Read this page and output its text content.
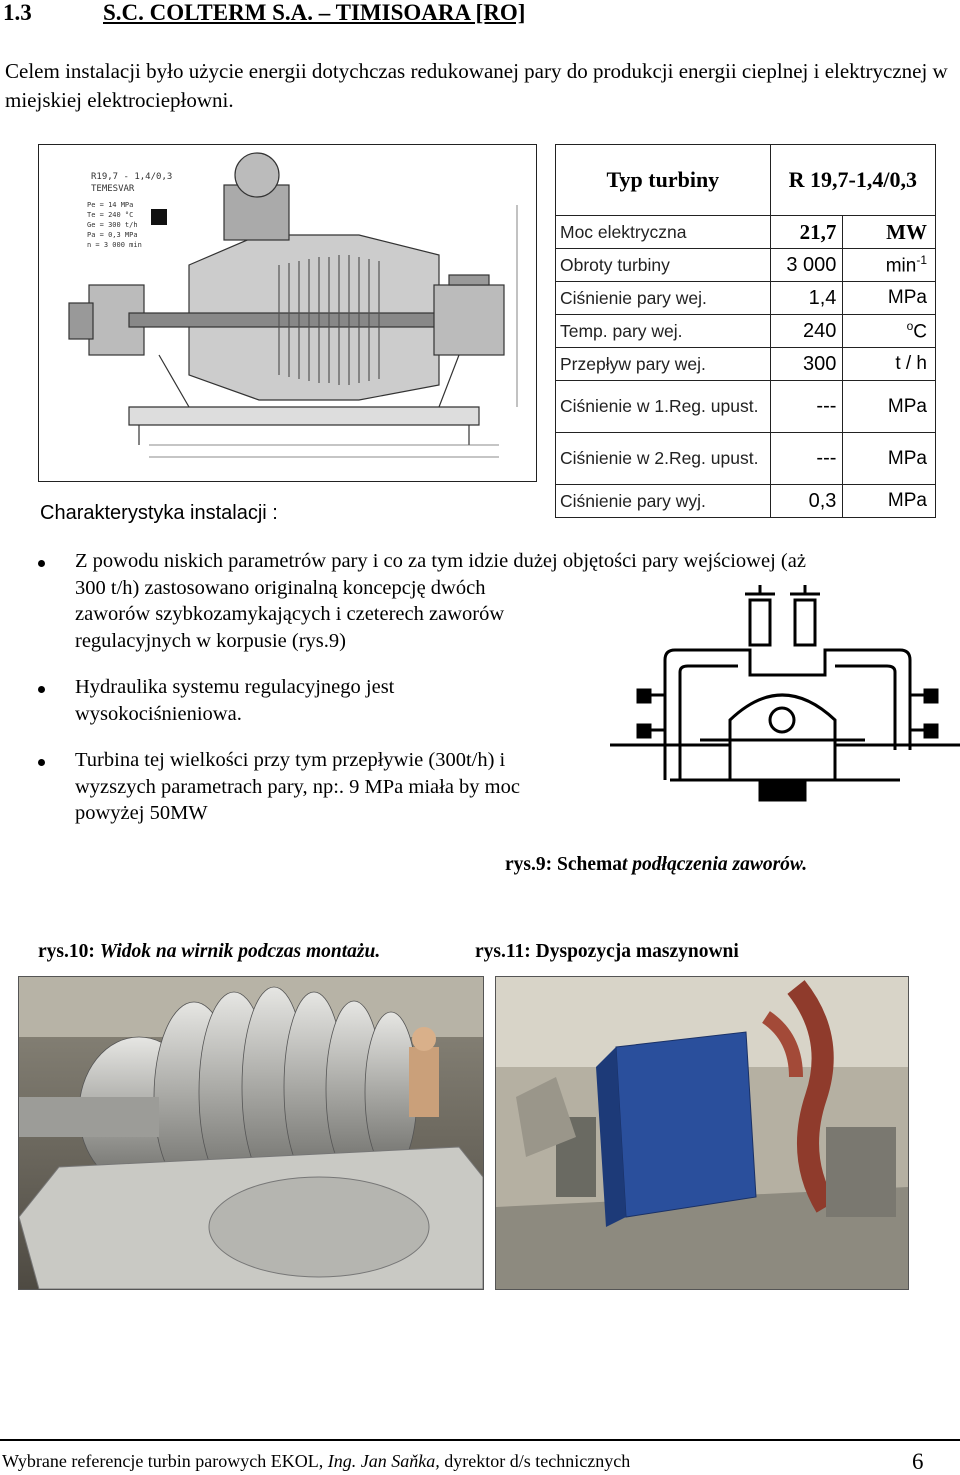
1.3	S.C. COLTERM S.A. – TIMISOARA [RO]
Celem instalacji było użycie energii dotychczas redukowanej pary do produkcji energii cieplnej i elektrycznej w miejskiej elektrociepłowni.
R19,7 - 1,4/0,3
TEMESVAR
Pe = 14 MPa
Te = 240 °C
Ge = 300 t/h
Pa = 0,3 MPa
n = 3 000 min
Charakterystyka instalacji :
Typ turbiny	R 19,7-1,4/0,3	
Moc elektryczna	21,7	MW
Obroty turbiny	3 000	$\min^{-1}$
Ciśnienie pary wej.	1,4	MPa
Temp. pary wej.	240	$^o$C
Przepływ pary wej.	300	t / h
Ciśnienie w 1.Reg. upust.	---	MPa
Ciśnienie w 2.Reg. upust.	---	MPa
Ciśnienie pary wyj.	0,3	MPa
Z powodu niskich parametrów pary i co za tym idzie dużej objętości pary wejściowej (aż
300 t/h) zastosowano originalną koncepcję dwóch
zaworów szybkozamykających i czeterech zaworów
regulacyjnych w korpusie (rys.9)
Hydraulika systemu regulacyjnego jest
wysokociśnieniowa.
Turbina tej wielkości przy tym przepływie (300t/h) i
wyzszych parametrach pary, np:. 9 MPa miała by moc
powyżej 50MW
rys.9: Schemat podłączenia zaworów.
rys.10: Widok na wirnik podczas montażu.	rys.11: Dyspozycja maszynowni
Wybrane referencje turbin parowych EKOL, Ing. Jan Saňka, dyrektor d/s technicznych	6
